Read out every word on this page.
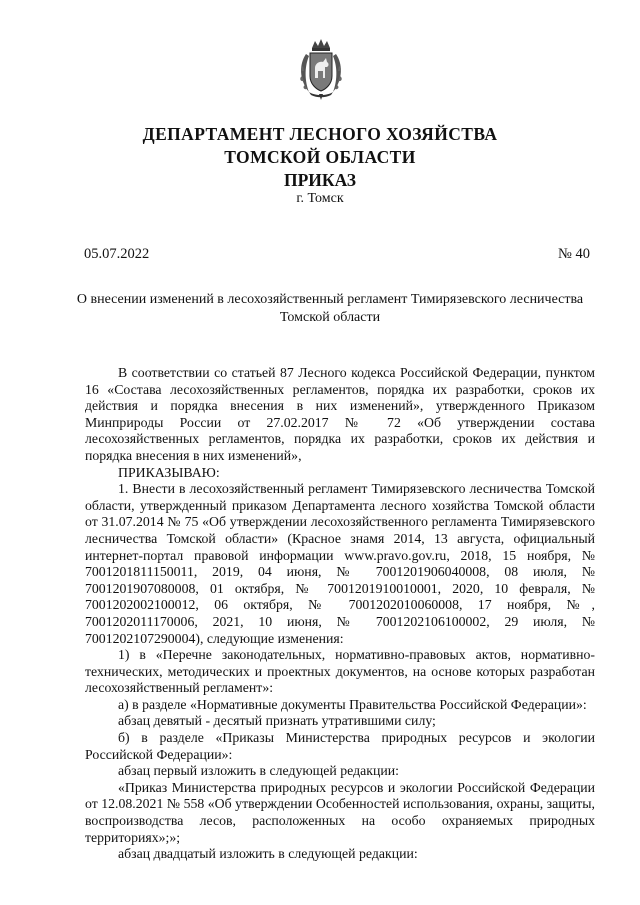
ДЕПАРТАМЕНТ ЛЕСНОГО ХОЗЯЙСТВА
ТОМСКОЙ ОБЛАСТИ
ПРИКАЗ
г. Томск
05.07.2022	№ 40
О внесении изменений в лесохозяйственный регламент Тимирязевского лесничества Томской области

В соответствии со статьей 87 Лесного кодекса Российской Федерации, пунктом 16 «Состава лесохозяйственных регламентов, порядка их разработки, сроков их действия и порядка внесения в них изменений», утвержденного Приказом Минприроды России от 27.02.2017 № 72 «Об утверждении состава лесохозяйственных регламентов, порядка их разработки, сроков их действия и порядка внесения в них изменений»,

ПРИКАЗЫВАЮ:

1. Внести в лесохозяйственный регламент Тимирязевского лесничества Томской области, утвержденный приказом Департамента лесного хозяйства Томской области от 31.07.2014 № 75 «Об утверждении лесохозяйственного регламента Тимирязевского лесничества Томской области» (Красное знамя 2014, 13 августа, официальный интернет-портал правовой информации www.pravo.gov.ru, 2018, 15 ноября, № 7001201811150011, 2019, 04 июня, № 7001201906040008, 08 июля, № 7001201907080008, 01 октября, № 7001201910010001, 2020, 10 февраля, № 7001202002100012, 06 октября, № 7001202010060008, 17 ноября, №, 7001202011170006, 2021, 10 июня, № 7001202106100002, 29 июля, № 7001202107290004), следующие изменения:

1) в «Перечне законодательных, нормативно-правовых актов, нормативно-технических, методических и проектных документов, на основе которых разработан лесохозяйственный регламент»:

а) в разделе «Нормативные документы Правительства Российской Федерации»:

абзац девятый - десятый признать утратившими силу;

б) в разделе «Приказы Министерства природных ресурсов и экологии Российской Федерации»:

абзац первый изложить в следующей редакции:

«Приказ Министерства природных ресурсов и экологии Российской Федерации от 12.08.2021 № 558 «Об утверждении Особенностей использования, охраны, защиты, воспроизводства лесов, расположенных на особо охраняемых природных территориях»;»;

абзац двадцатый изложить в следующей редакции:
